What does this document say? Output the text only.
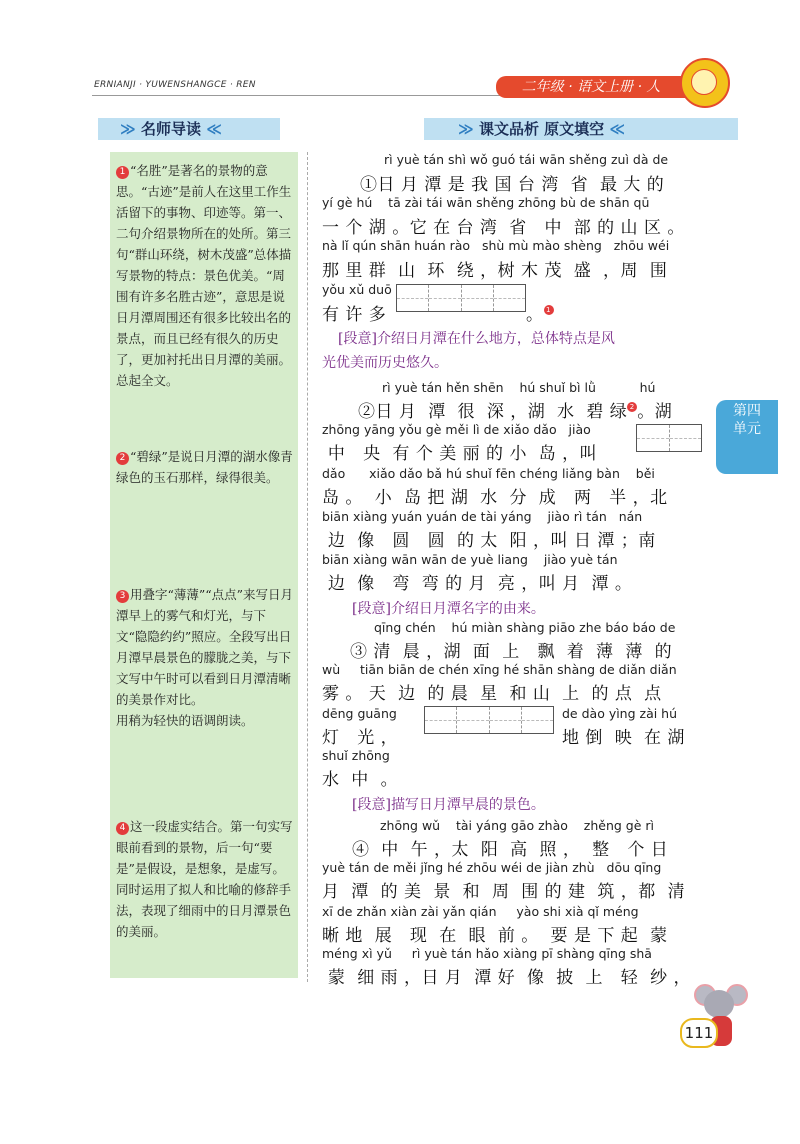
ERNIANJI · YUWENSHANGCE · REN	二年级 · 语文上册 · 人
≫ 名师导读 ≪	≫ 课文品析 原文填空 ≪
1 “名胜”是著名的景物的意思。“古迹”是前人在这里工作生活留下的事物、印迹等。第一、二句介绍景物所在的处所。第三句“群山环绕，树木茂盛”总体描写景物的特点：景色优美。“周围有许多名胜古迹”，意思是说日月潭周围还有很多比较出名的景点，而且已经有很久的历史了，更加衬托出日月潭的美丽。总起全文。
2 “碧绿”是说日月潭的湖水像青绿色的玉石那样，绿得很美。
3 用叠字“薄薄”“点点”来写日月潭早上的雾气和灯光，与下文“隐隐约约”照应。全段写出日月潭早晨景色的朦胧之美，与下文写中午时可以看到日月潭清晰的美景作对比。
用稍为轻快的语调朗读。
4 这一段虚实结合。第一句实写眼前看到的景物，后一句“要是”是假设，是想象，是虚写。同时运用了拟人和比喻的修辞手法，表现了细雨中的日月潭景色的美丽。
rì yuè tán shì wǒ guó tái wān shěng zuì dà de
①日 月 潭 是 我 国 台 湾  省  最 大 的
yí gè hú    tā zài tái wān shěng zhōng bù de shān qū
一 个 湖 。它 在 台 湾  省   中  部 的 山 区 。
nà lǐ qún shān huán rào   shù mù mào shèng   zhōu wéi
那 里 群  山  环  绕 ，树 木 茂  盛  ，周  围
yǒu xǔ duō
有 许 多	。 1
[段意]介绍日月潭在什么地方，总体特点是风
光优美而历史悠久。
rì yuè tán hěn shēn    hú shuǐ bì lǜ           hú
②日 月  潭  很  深 ，湖  水  碧 绿 2 。湖
zhōng yāng yǒu gè měi lì de xiǎo dǎo   jiào
中   央  有 个 美 丽 的 小  岛 ，叫
dǎo      xiǎo dǎo bǎ hú shuǐ fēn chéng liǎng bàn    běi
岛 。  小  岛 把 湖  水  分  成   两   半 ，北
biān xiàng yuán yuán de tài yáng    jiào rì tán   nán
边  像   圆   圆  的 太  阳 ，叫 日 潭 ；南
biān xiàng wān wān de yuè liang    jiào yuè tán
边  像   弯  弯 的 月  亮 ，叫 月  潭 。
[段意]介绍日月潭名字的由来。
qīng chén    hú miàn shàng piāo zhe báo báo de
③ 清  晨 ，湖  面  上   飘  着  薄  薄  的
wù     tiān biān de chén xīng hé shān shàng de diǎn diǎn
雾 。 天  边  的 晨  星  和 山  上  的 点  点
dēng guāng
灯   光 ，
de dào yìng zài hú
地 倒  映  在 湖
shuǐ zhōng
水  中  。
[段意]描写日月潭早晨的景色。
zhōng wǔ    tài yáng gāo zhào    zhěng gè rì
④  中  午 ，太  阳  高  照 ，  整   个 日
yuè tán de měi jǐng hé zhōu wéi de jiàn zhù   dōu qīng
月  潭  的 美  景  和  周  围 的 建  筑 ，都  清
xī de zhǎn xiàn zài yǎn qián     yào shi xià qǐ méng
晰 地  展   现  在  眼  前 。  要 是 下 起  蒙
méng xì yǔ     rì yuè tán hǎo xiàng pī shàng qīng shā
蒙  细 雨 ，日 月  潭 好  像  披  上   轻  纱 ，
第四
单元
111
